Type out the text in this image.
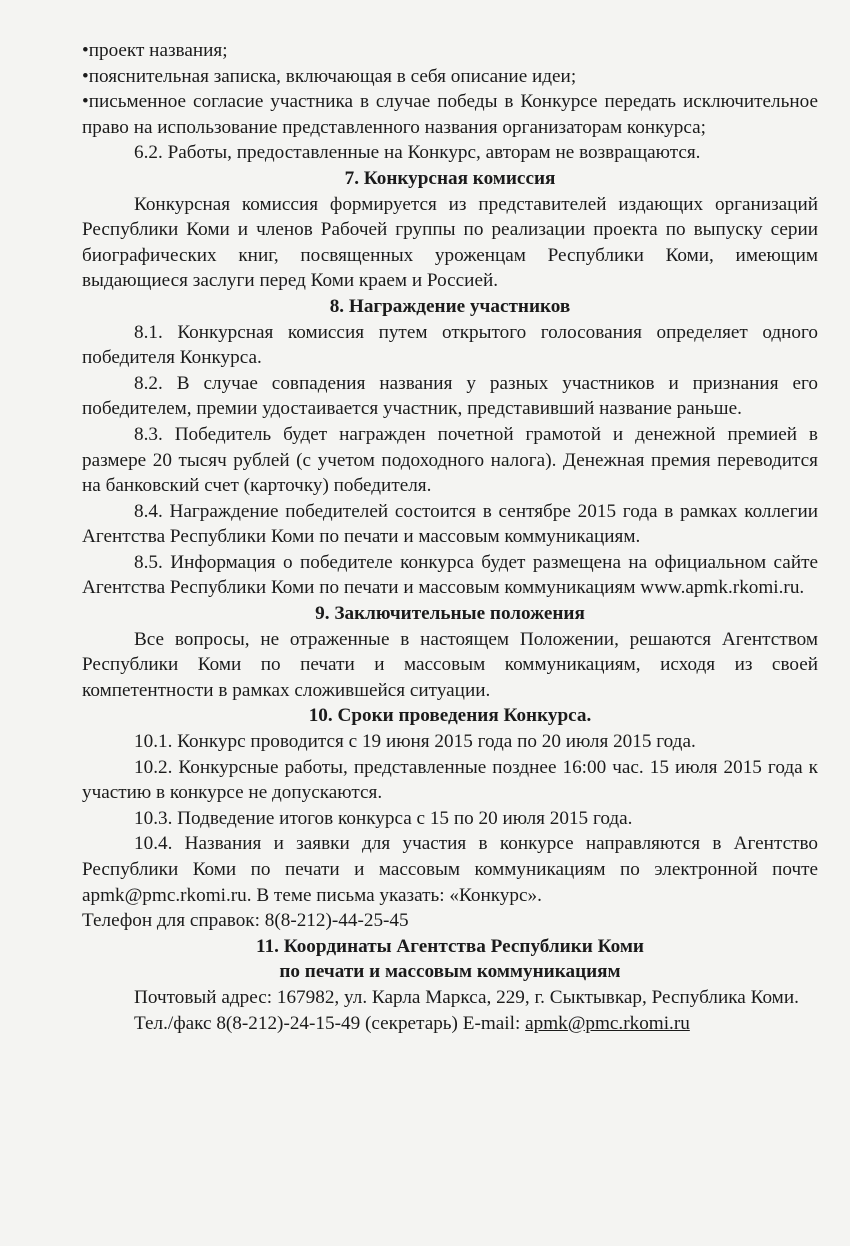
•проект названия;

•пояснительная записка, включающая в себя описание идеи;

•письменное согласие участника в случае победы в Конкурсе передать исключительное право на использование представленного названия организаторам конкурса;

6.2. Работы, предоставленные на Конкурс, авторам не возвращаются.

7. Конкурсная комиссия

Конкурсная комиссия формируется из представителей издающих организаций Республики Коми и членов Рабочей группы по реализации проекта по выпуску серии биографических книг, посвященных уроженцам Республики Коми, имеющим выдающиеся заслуги перед Коми краем и Россией.

8. Награждение участников

8.1. Конкурсная комиссия путем открытого голосования определяет одного победителя Конкурса.

8.2. В случае совпадения названия у разных участников и признания его победителем, премии удостаивается участник, представивший название раньше.

8.3. Победитель будет награжден почетной грамотой и денежной премией в размере 20 тысяч рублей (с учетом подоходного налога). Денежная премия переводится на банковский счет (карточку) победителя.

8.4. Награждение победителей состоится в сентябре 2015 года в рамках коллегии Агентства Республики Коми по печати и массовым коммуникациям.

8.5. Информация о победителе конкурса будет размещена на официальном сайте Агентства Республики Коми по печати и массовым коммуникациям www.apmk.rkomi.ru.

9. Заключительные положения

Все вопросы, не отраженные в настоящем Положении, решаются Агентством Республики Коми по печати и массовым коммуникациям, исходя из своей компетентности в рамках сложившейся ситуации.

10. Сроки проведения Конкурса.

10.1. Конкурс проводится с 19 июня 2015 года по 20 июля 2015 года.

10.2. Конкурсные работы, представленные позднее 16:00 час. 15 июля 2015 года к участию в конкурсе не допускаются.

10.3. Подведение итогов конкурса с 15 по 20 июля 2015 года.

10.4. Названия и заявки для участия в конкурсе направляются в Агентство Республики Коми по печати и массовым коммуникациям по электронной почте apmk@pmc.rkomi.ru. В теме письма указать: «Конкурс».

Телефон для справок: 8(8-212)-44-25-45

11. Координаты Агентства Республики Коми
по печати и массовым коммуникациям

Почтовый адрес: 167982, ул. Карла Маркса, 229, г. Сыктывкар, Республика Коми.

Тел./факс 8(8-212)-24-15-49 (секретарь) E-mail: apmk@pmc.rkomi.ru
